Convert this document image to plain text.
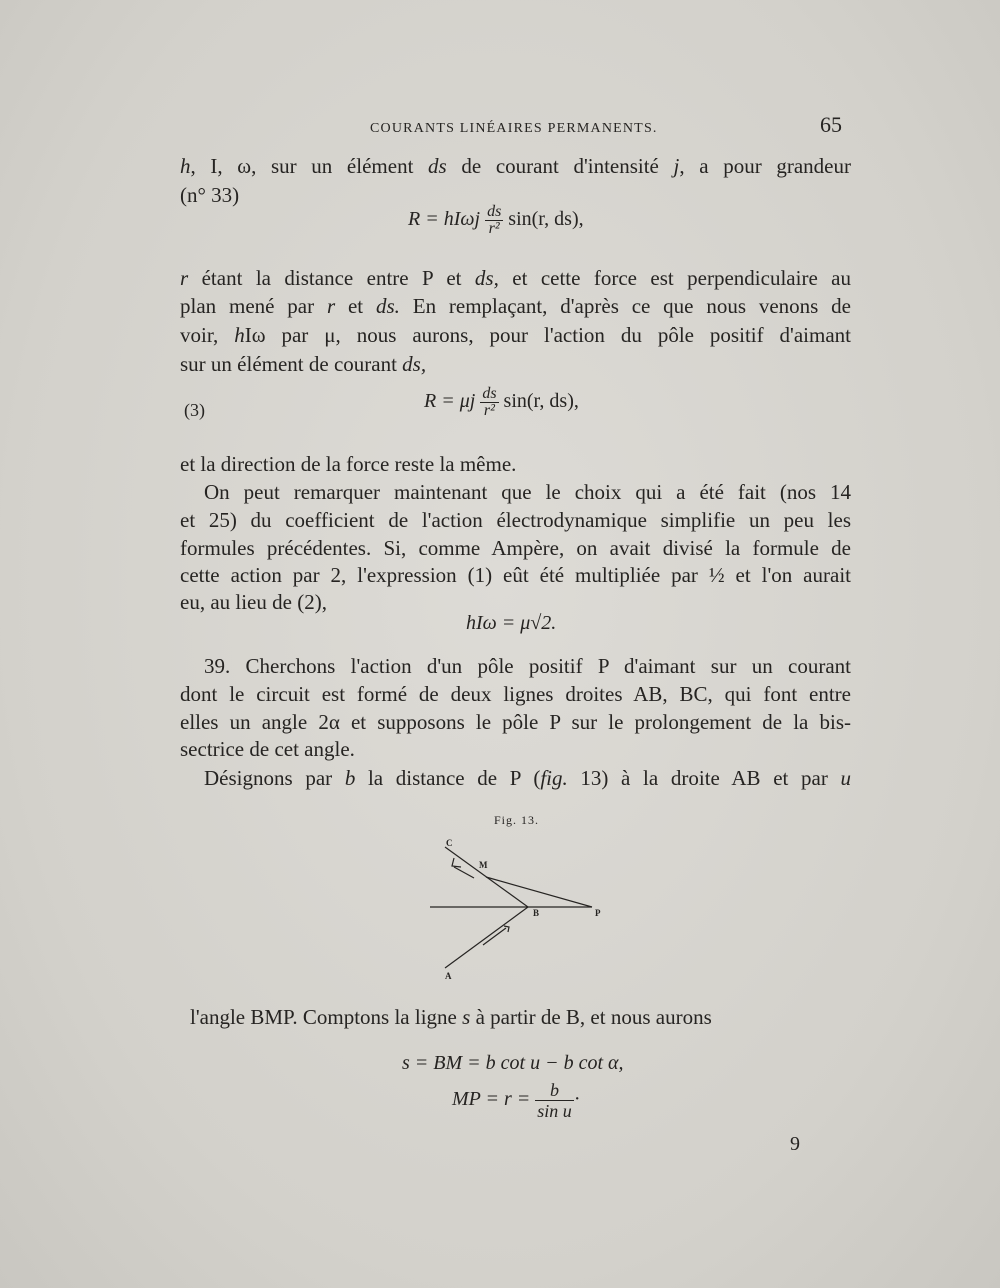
COURANTS LINÉAIRES PERMANENTS.	65
h, I, ω, sur un élément ds de courant d'intensité j, a pour grandeur
(n° 33)
R = hIωj $\frac{ds}{\text{r²}} \sin(r$, ds),
r étant la distance entre P et ds, et cette force est perpendiculaire au
plan mené par r et ds. En remplaçant, d'après ce que nous venons de
voir, hIω par μ, nous aurons, pour l'action du pôle positif d'aimant
sur un élément de courant ds,
(3)	R = μj $\frac{ds}{\text{r²}} \sin(r$, ds),
et la direction de la force reste la même.
On peut remarquer maintenant que le choix qui a été fait (nos 14
et 25) du coefficient de l'action électrodynamique simplifie un peu les
formules précédentes. Si, comme Ampère, on avait divisé la formule de
cette action par 2, l'expression (1) eût été multipliée par ½ et l'on aurait
eu, au lieu de (2),
hIω = μ√2.
39. Cherchons l'action d'un pôle positif P d'aimant sur un courant
dont le circuit est formé de deux lignes droites AB, BC, qui font entre
elles un angle 2α et supposons le pôle P sur le prolongement de la bis-
sectrice de cet angle.
Désignons par b la distance de P (fig. 13) à la droite AB et par u
Fig. 13.
C
M
B	P
A
l'angle BMP. Comptons la ligne s à partir de B, et nous aurons
s = BM = b cot u − b cot α,
MP = $r = \frac{b}{\text{sin u}}$ ·
9
